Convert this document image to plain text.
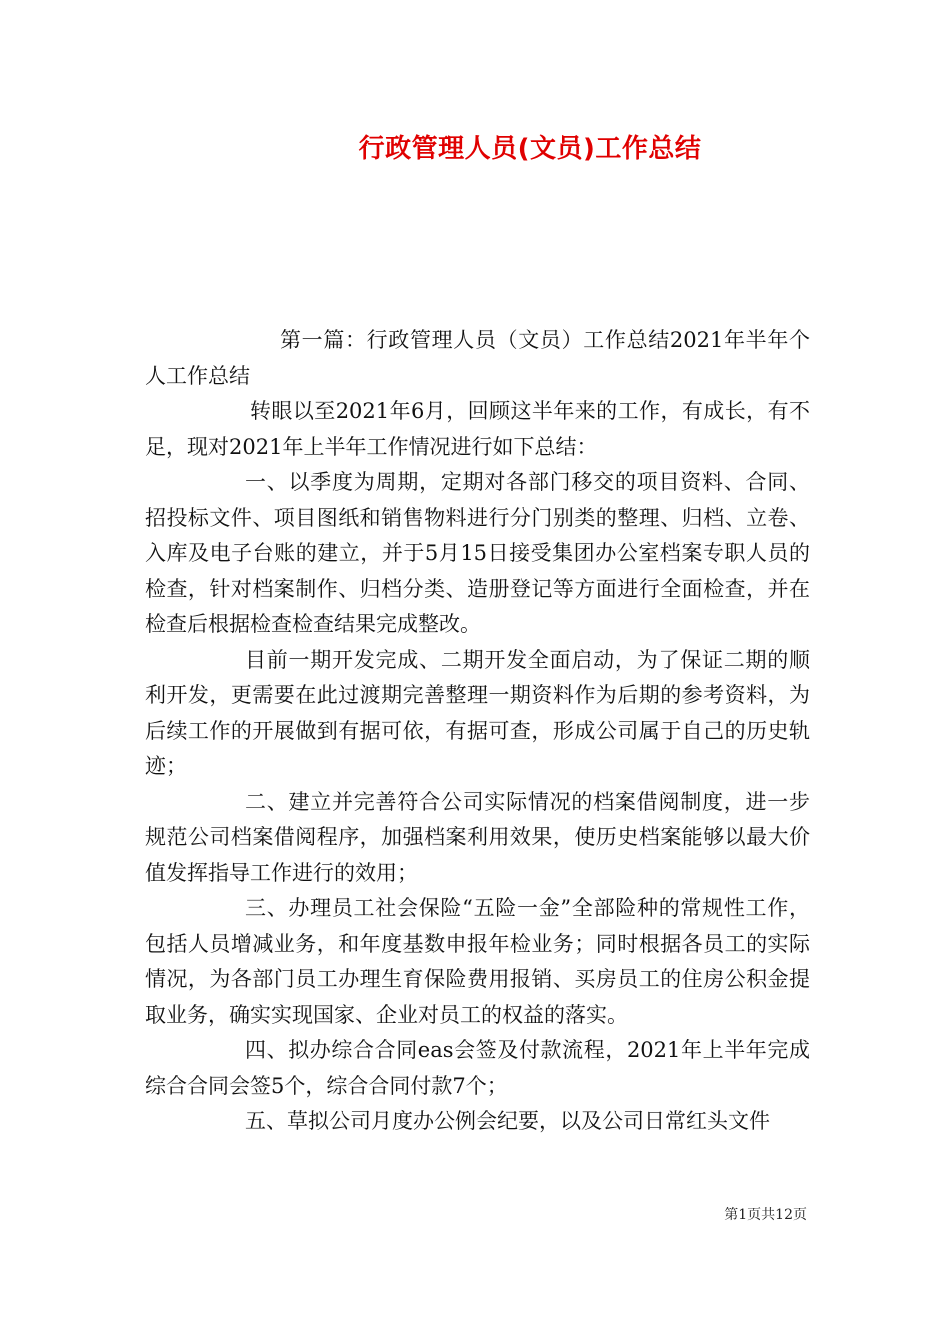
行政管理人员(文员)工作总结

第一篇：行政管理人员（文员）工作总结2021年半年个人工作总结

转眼以至2021年6月，回顾这半年来的工作，有成长，有不足，现对2021年上半年工作情况进行如下总结：

一、以季度为周期，定期对各部门移交的项目资料、合同、招投标文件、项目图纸和销售物料进行分门别类的整理、归档、立卷、入库及电子台账的建立，并于5月15日接受集团办公室档案专职人员的检查，针对档案制作、归档分类、造册登记等方面进行全面检查，并在检查后根据检查检查结果完成整改。

目前一期开发完成、二期开发全面启动，为了保证二期的顺利开发，更需要在此过渡期完善整理一期资料作为后期的参考资料，为后续工作的开展做到有据可依，有据可查，形成公司属于自己的历史轨迹；

二、建立并完善符合公司实际情况的档案借阅制度，进一步规范公司档案借阅程序，加强档案利用效果，使历史档案能够以最大价值发挥指导工作进行的效用；

三、办理员工社会保险“五险一金”全部险种的常规性工作，包括人员增减业务，和年度基数申报年检业务；同时根据各员工的实际情况，为各部门员工办理生育保险费用报销、买房员工的住房公积金提取业务，确实实现国家、企业对员工的权益的落实。

四、拟办综合合同eas会签及付款流程，2021年上半年完成综合合同会签5个，综合合同付款7个；

五、草拟公司月度办公例会纪要，以及公司日常红头文件

第1页共12页
